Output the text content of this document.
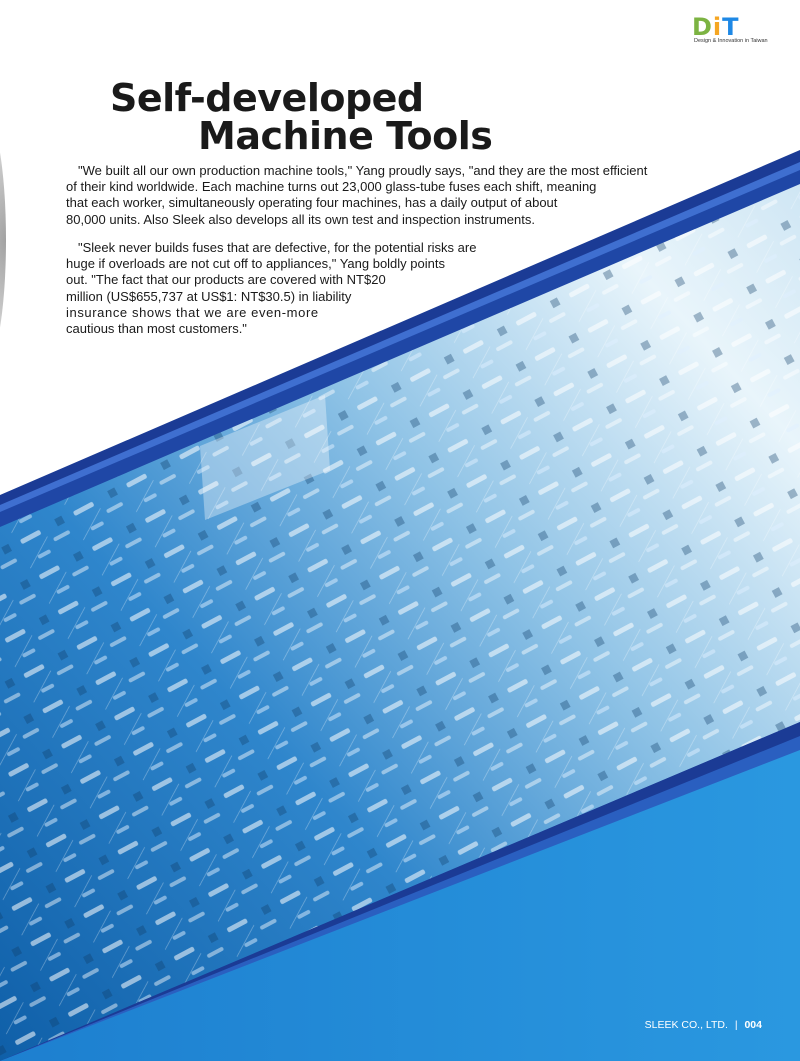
DiT
Design & Innovation in Taiwan
Self-developed
Machine Tools
"We built all our own production machine tools," Yang proudly says, "and they are the most efficient
of their kind worldwide. Each machine turns out 23,000 glass-tube fuses each shift, meaning
that each worker, simultaneously operating four machines, has a daily output of about
80,000 units. Also Sleek also develops all its own test and inspection instruments.
"Sleek never builds fuses that are defective, for the potential risks are
huge if overloads are not cut off to appliances," Yang boldly points
out. "The fact that our products are covered with NT$20
million (US$655,737 at US$1: NT$30.5) in liability
insurance shows that we are even-more
cautious than most customers."
SLEEK CO., LTD. | 004
